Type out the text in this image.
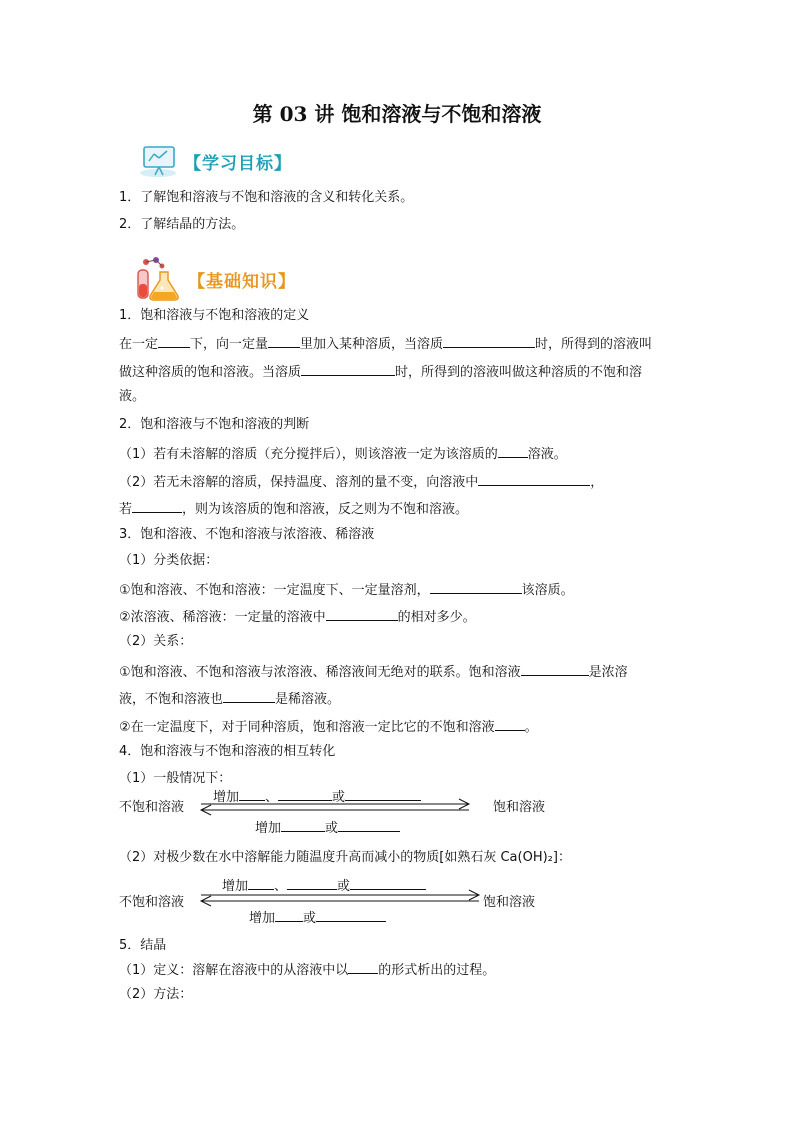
第 03 讲 饱和溶液与不饱和溶液
【学习目标】
1．了解饱和溶液与不饱和溶液的含义和转化关系。
2．了解结晶的方法。
【基础知识】
1．饱和溶液与不饱和溶液的定义
在一定 下，向一定量 里加入某种溶质，当溶质	时，所得到的溶液叫
做这种溶质的饱和溶液。当溶质	时，所得到的溶液叫做这种溶质的不饱和溶
液。
2．饱和溶液与不饱和溶液的判断
（1）若有未溶解的溶质（充分搅拌后），则该溶液一定为该溶质的 溶液。
（2）若无未溶解的溶质，保持温度、溶剂的量不变，向溶液中	，
若	，则为该溶质的饱和溶液，反之则为不饱和溶液。
3．饱和溶液、不饱和溶液与浓溶液、稀溶液
（1）分类依据：
①饱和溶液、不饱和溶液：一定温度下、一定量溶剂，	该溶质。
②浓溶液、稀溶液：一定量的溶液中	的相对多少。
（2）关系：
①饱和溶液、不饱和溶液与浓溶液、稀溶液间无绝对的联系。饱和溶液	是浓溶
液，不饱和溶液也	是稀溶液。
②在一定温度下，对于同种溶质，饱和溶液一定比它的不饱和溶液 。
4．饱和溶液与不饱和溶液的相互转化
（1）一般情况下：
不饱和溶液	饱和溶液
增加 、	或
增加	或
（2）对极少数在水中溶解能力随温度升高而减小的物质[如熟石灰 Ca(OH)₂]：
不饱和溶液	饱和溶液
增加 、	或
增加 或
5．结晶
（1）定义：溶解在溶液中的从溶液中以 的形式析出的过程。
（2）方法：
